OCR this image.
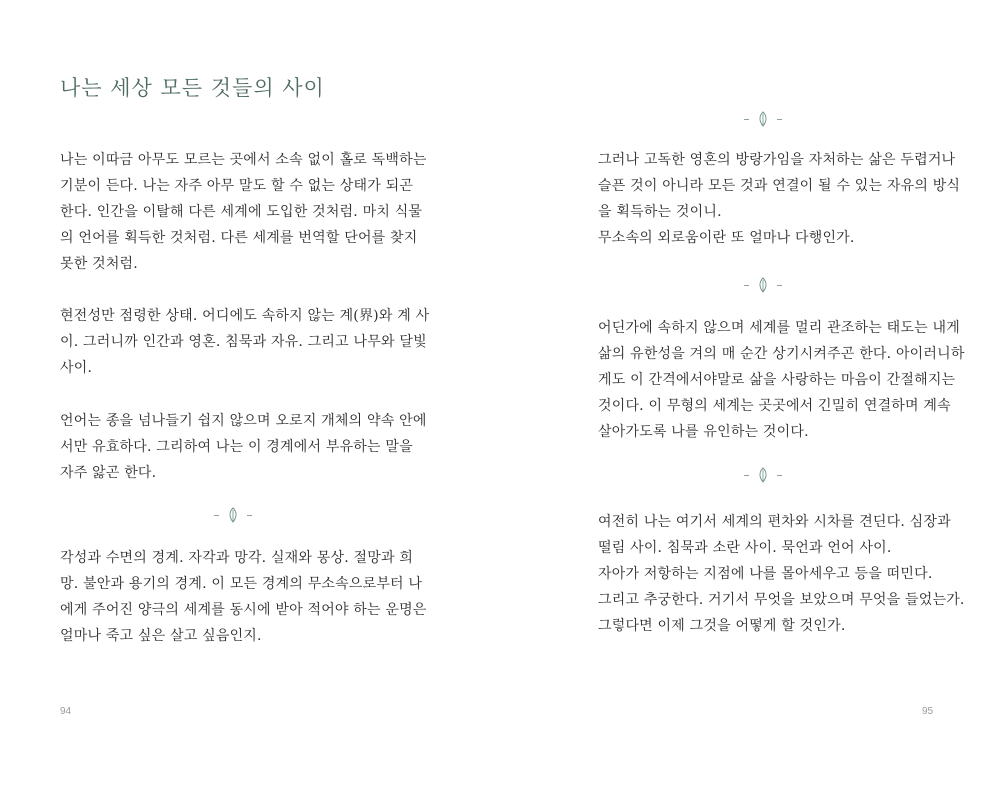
나는 세상 모든 것들의 사이

나는 이따금 아무도 모르는 곳에서 소속 없이 홀로 독백하는 기분이 든다. 나는 자주 아무 말도 할 수 없는 상태가 되곤 한다. 인간을 이탈해 다른 세계에 도입한 것처럼. 마치 식물의 언어를 획득한 것처럼. 다른 세계를 번역할 단어를 찾지 못한 것처럼.

현전성만 점령한 상태. 어디에도 속하지 않는 계(界)와 계 사이. 그러니까 인간과 영혼. 침묵과 자유. 그리고 나무와 달빛 사이.

언어는 종을 넘나들기 쉽지 않으며 오로지 개체의 약속 안에서만 유효하다. 그리하여 나는 이 경계에서 부유하는 말을 자주 앓곤 한다.

각성과 수면의 경계. 자각과 망각. 실재와 몽상. 절망과 희망. 불안과 용기의 경계. 이 모든 경계의 무소속으로부터 나에게 주어진 양극의 세계를 동시에 받아 적어야 하는 운명은 얼마나 죽고 싶은 살고 싶음인지.

94

그러나 고독한 영혼의 방랑가임을 자처하는 삶은 두렵거나 슬픈 것이 아니라 모든 것과 연결이 될 수 있는 자유의 방식을 획득하는 것이니.
무소속의 외로움이란 또 얼마나 다행인가.

어딘가에 속하지 않으며 세계를 멀리 관조하는 태도는 내게 삶의 유한성을 겨의 매 순간 상기시켜주곤 한다. 아이러니하게도 이 간격에서야말로 삶을 사랑하는 마음이 간절해지는 것이다. 이 무형의 세계는 곳곳에서 긴밀히 연결하며 계속 살아가도록 나를 유인하는 것이다.

여전히 나는 여기서 세계의 편차와 시차를 견딘다. 심장과 떨림 사이. 침묵과 소란 사이. 묵언과 언어 사이.
자아가 저항하는 지점에 나를 몰아세우고 등을 떠민다.
그리고 추궁한다. 거기서 무엇을 보았으며 무엇을 들었는가. 그렇다면 이제 그것을 어떻게 할 것인가.

95
